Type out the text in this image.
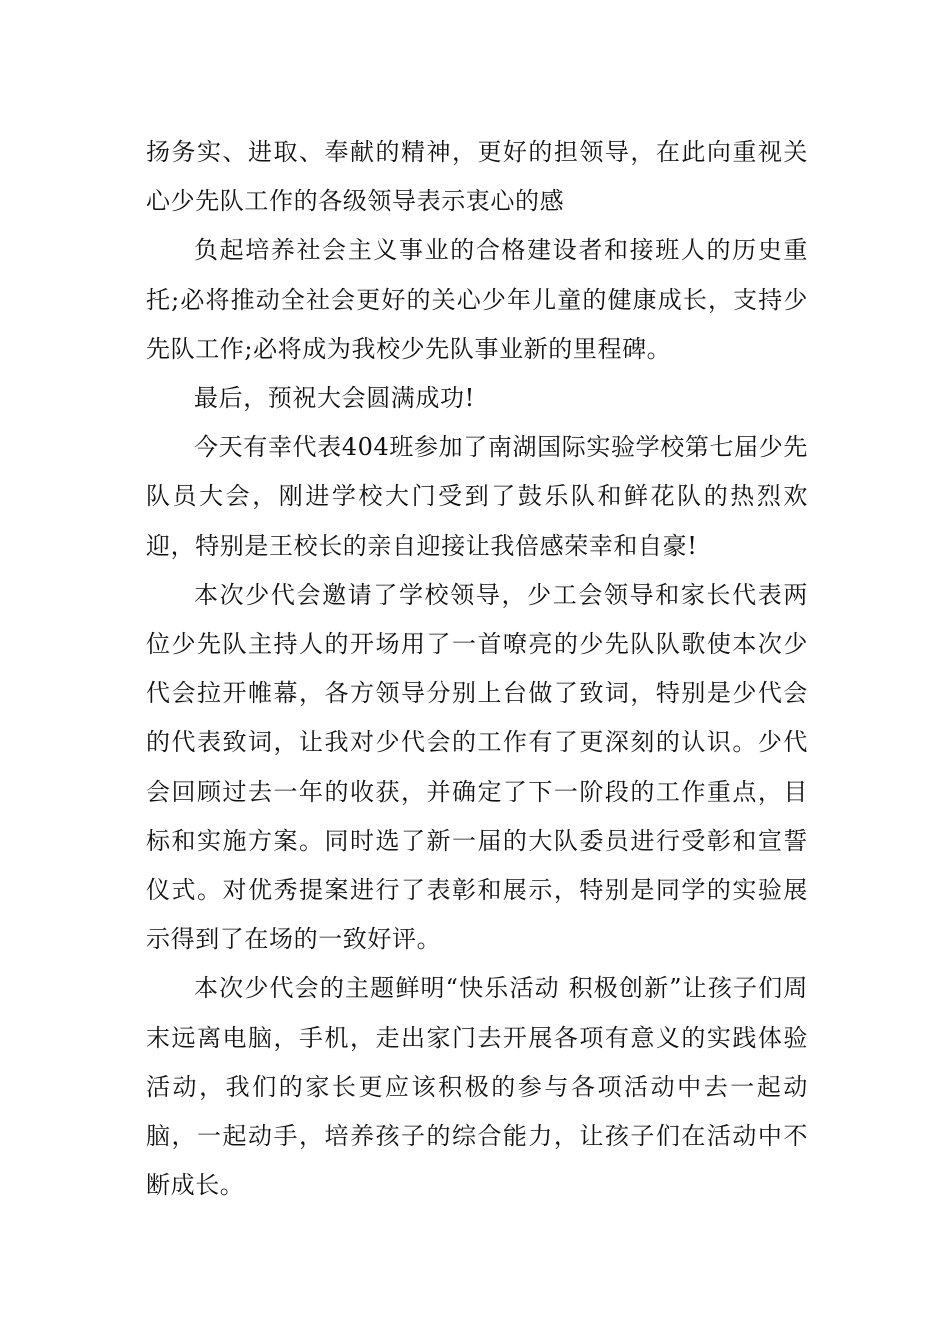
扬务实、进取、奉献的精神，更好的担领导，在此向重视关心少先队工作的各级领导表示衷心的感

负起培养社会主义事业的合格建设者和接班人的历史重托;必将推动全社会更好的关心少年儿童的健康成长，支持少先队工作;必将成为我校少先队事业新的里程碑。

最后，预祝大会圆满成功!

今天有幸代表404班参加了南湖国际实验学校第七届少先队员大会，刚进学校大门受到了鼓乐队和鲜花队的热烈欢迎，特别是王校长的亲自迎接让我倍感荣幸和自豪!

本次少代会邀请了学校领导，少工会领导和家长代表两位少先队主持人的开场用了一首嘹亮的少先队队歌使本次少代会拉开帷幕，各方领导分别上台做了致词，特别是少代会的代表致词，让我对少代会的工作有了更深刻的认识。少代会回顾过去一年的收获，并确定了下一阶段的工作重点，目标和实施方案。同时选了新一届的大队委员进行受彰和宣誓仪式。对优秀提案进行了表彰和展示，特别是同学的实验展示得到了在场的一致好评。

本次少代会的主题鲜明“快乐活动 积极创新”让孩子们周末远离电脑，手机，走出家门去开展各项有意义的实践体验活动，我们的家长更应该积极的参与各项活动中去一起动脑，一起动手，培养孩子的综合能力，让孩子们在活动中不断成长。
